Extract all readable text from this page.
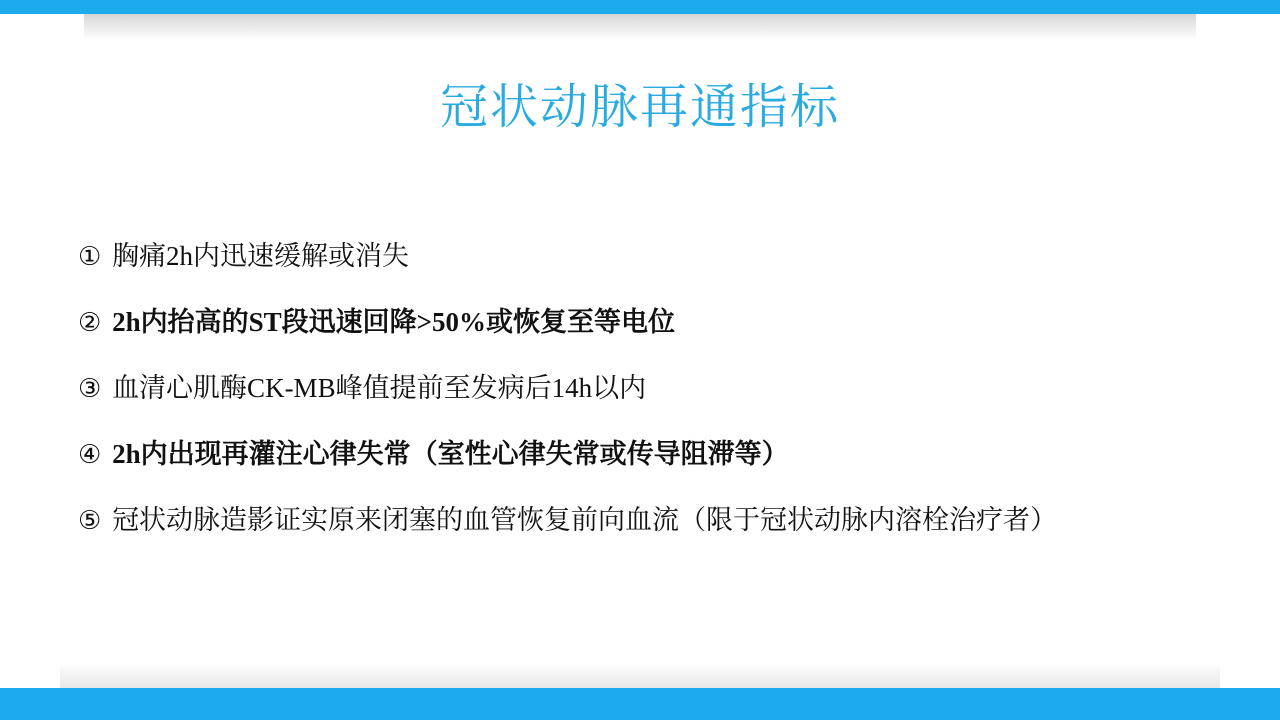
冠状动脉再通指标
① 胸痛2h内迅速缓解或消失
② 2h内抬高的ST段迅速回降>50%或恢复至等电位
③ 血清心肌酶CK-MB峰值提前至发病后14h以内
④ 2h内出现再灌注心律失常（室性心律失常或传导阻滞等）
⑤ 冠状动脉造影证实原来闭塞的血管恢复前向血流（限于冠状动脉内溶栓治疗者）
